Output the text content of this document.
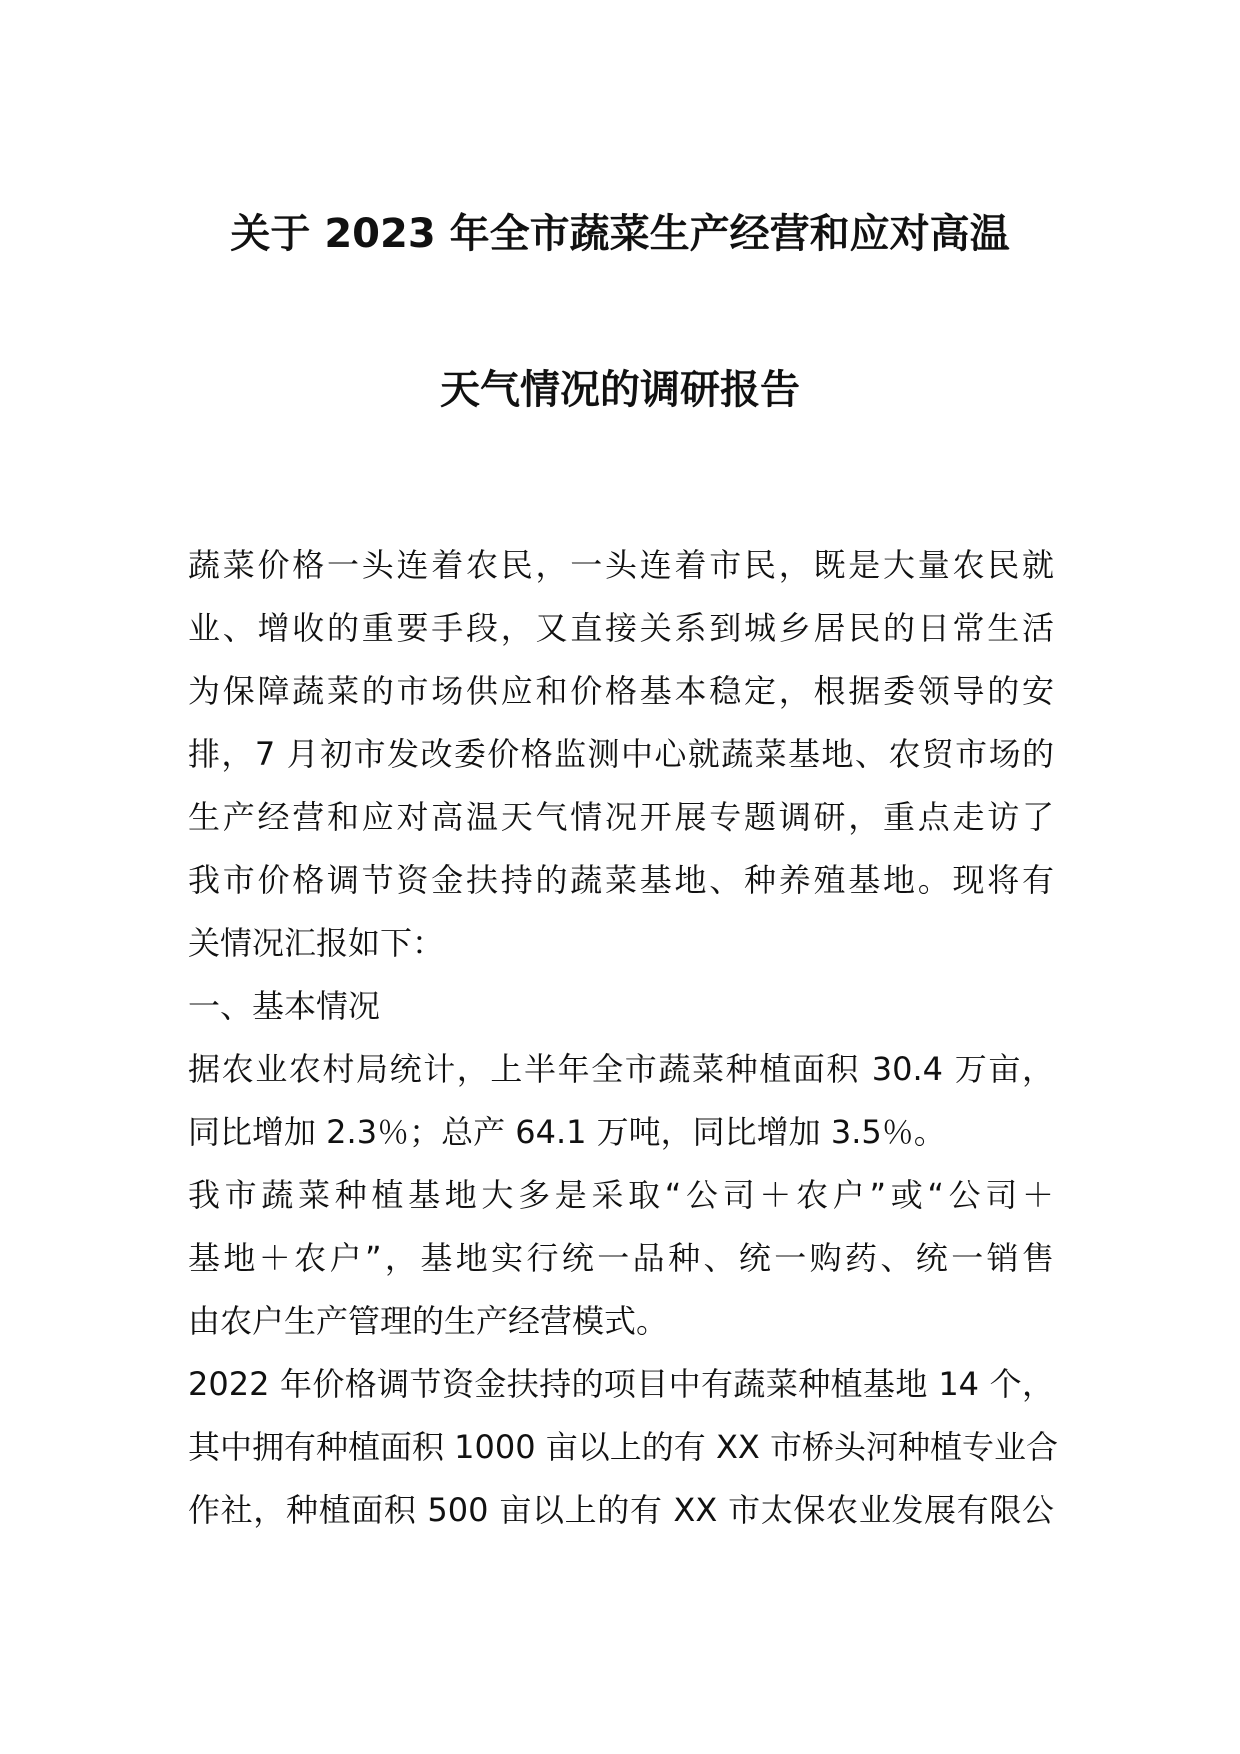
关于 2023 年全市蔬菜生产经营和应对高温
天气情况的调研报告
蔬菜价格一头连着农民，一头连着市民，既是大量农民就
业、增收的重要手段，又直接关系到城乡居民的日常生活
为保障蔬菜的市场供应和价格基本稳定，根据委领导的安
排，7 月初市发改委价格监测中心就蔬菜基地、农贸市场的
生产经营和应对高温天气情况开展专题调研，重点走访了
我市价格调节资金扶持的蔬菜基地、种养殖基地。现将有
关情况汇报如下：
一、基本情况
据农业农村局统计，上半年全市蔬菜种植面积 30.4 万亩，
同比增加 2.3％；总产 64.1 万吨，同比增加 3.5％。
我市蔬菜种植基地大多是采取“公司＋农户”或“公司＋
基地＋农户”，基地实行统一品种、统一购药、统一销售
由农户生产管理的生产经营模式。
2022 年价格调节资金扶持的项目中有蔬菜种植基地 14 个，
其中拥有种植面积 1000 亩以上的有 XX 市桥头河种植专业合
作社，种植面积 500 亩以上的有 XX 市太保农业发展有限公
